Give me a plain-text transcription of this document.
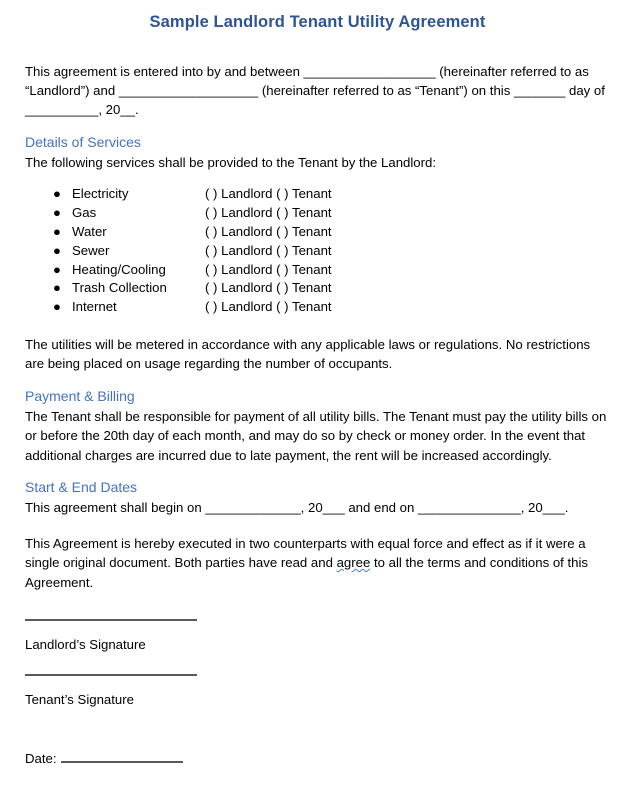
Sample Landlord Tenant Utility Agreement

This agreement is entered into by and between __________________ (hereinafter referred to as “Landlord”) and ___________________ (hereinafter referred to as “Tenant”) on this _______ day of __________, 20__.

Details of Services

The following services shall be provided to the Tenant by the Landlord:

● Electricity	( ) Landlord ( ) Tenant
● Gas	( ) Landlord ( ) Tenant
● Water	( ) Landlord ( ) Tenant
● Sewer	( ) Landlord ( ) Tenant
● Heating/Cooling	( ) Landlord ( ) Tenant
● Trash Collection	( ) Landlord ( ) Tenant
● Internet	( ) Landlord ( ) Tenant

The utilities will be metered in accordance with any applicable laws or regulations. No restrictions are being placed on usage regarding the number of occupants.

Payment & Billing

The Tenant shall be responsible for payment of all utility bills. The Tenant must pay the utility bills on or before the 20th day of each month, and may do so by check or money order. In the event that additional charges are incurred due to late payment, the rent will be increased accordingly.

Start & End Dates

This agreement shall begin on _____________, 20___ and end on ______________, 20___.

This Agreement is hereby executed in two counterparts with equal force and effect as if it were a single original document. Both parties have read and agree to all the terms and conditions of this Agreement.

Landlord’s Signature

Tenant’s Signature

Date:
